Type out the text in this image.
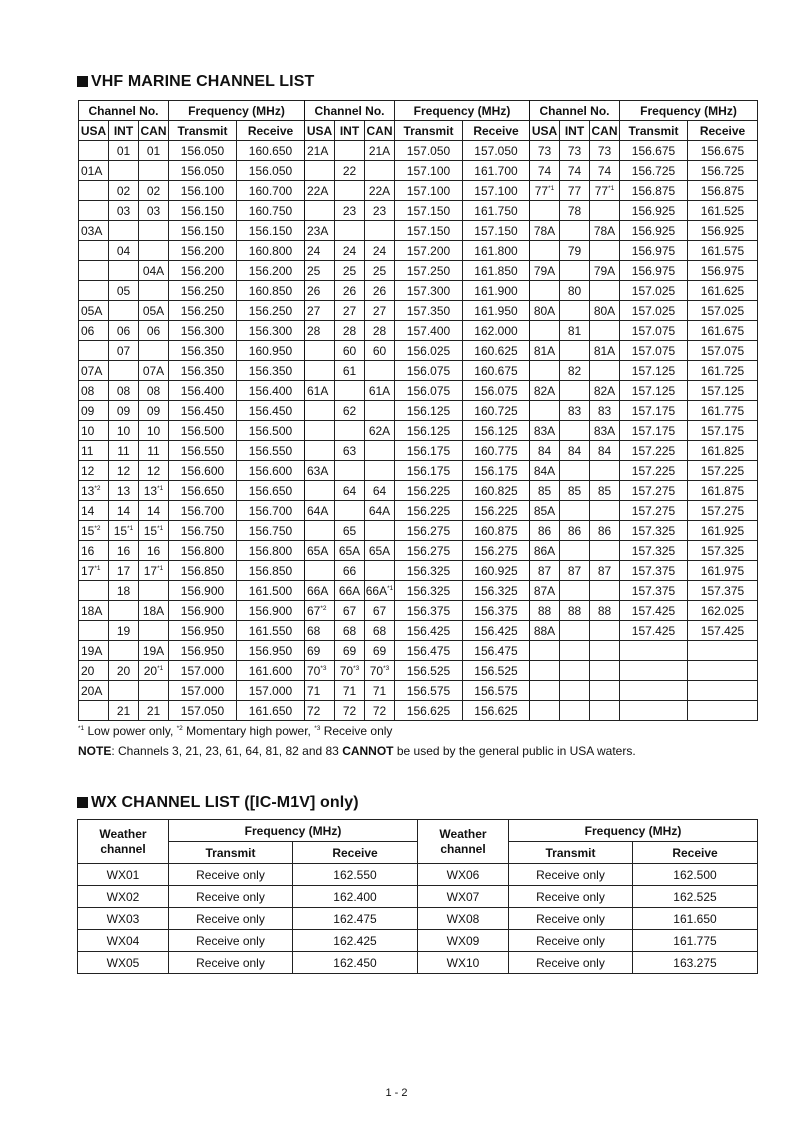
VHF MARINE CHANNEL LIST
Channel No.			Frequency (MHz)		Channel No.			Frequency (MHz)		Channel No.			Frequency (MHz)	
USA	INT	CAN	Transmit	Receive	USA	INT	CAN	Transmit	Receive	USA	INT	CAN	Transmit	Receive
	01	01	156.050	160.650	21A		21A	157.050	157.050	73	73	73	156.675	156.675
01A			156.050	156.050		22		157.100	161.700	74	74	74	156.725	156.725
	02	02	156.100	160.700	22A		22A	157.100	157.100	77$^{*1}$	77	77$^{*1}$	156.875	156.875
	03	03	156.150	160.750		23	23	157.150	161.750		78		156.925	161.525
03A			156.150	156.150	23A			157.150	157.150	78A		78A	156.925	156.925
	04		156.200	160.800	24	24	24	157.200	161.800		79		156.975	161.575
		04A	156.200	156.200	25	25	25	157.250	161.850	79A		79A	156.975	156.975
	05		156.250	160.850	26	26	26	157.300	161.900		80		157.025	161.625
05A		05A	156.250	156.250	27	27	27	157.350	161.950	80A		80A	157.025	157.025
06	06	06	156.300	156.300	28	28	28	157.400	162.000		81		157.075	161.675
	07		156.350	160.950		60	60	156.025	160.625	81A		81A	157.075	157.075
07A		07A	156.350	156.350		61		156.075	160.675		82		157.125	161.725
08	08	08	156.400	156.400	61A		61A	156.075	156.075	82A		82A	157.125	157.125
09	09	09	156.450	156.450		62		156.125	160.725		83	83	157.175	161.775
10	10	10	156.500	156.500			62A	156.125	156.125	83A		83A	157.175	157.175
11	11	11	156.550	156.550		63		156.175	160.775	84	84	84	157.225	161.825
12	12	12	156.600	156.600	63A			156.175	156.175	84A			157.225	157.225
13$^{*2}$	13	13$^{*1}$	156.650	156.650		64	64	156.225	160.825	85	85	85	157.275	161.875
14	14	14	156.700	156.700	64A		64A	156.225	156.225	85A			157.275	157.275
15$^{*2}$	15$^{*1}$	15$^{*1}$	156.750	156.750		65		156.275	160.875	86	86	86	157.325	161.925
16	16	16	156.800	156.800	65A	65A	65A	156.275	156.275	86A			157.325	157.325
17$^{*1}$	17	17$^{*1}$	156.850	156.850		66		156.325	160.925	87	87	87	157.375	161.975
	18		156.900	161.500	66A	66A	$66A^{*1}$	156.325	156.325	87A			157.375	157.375
18A		18A	156.900	156.900	67$^{*2}$	67	67	156.375	156.375	88	88	88	157.425	162.025
	19		156.950	161.550	68	68	68	156.425	156.425	88A			157.425	157.425
19A		19A	156.950	156.950	69	69	69	156.475	156.475					
20	20	20$^{*1}$	157.000	161.600	70$^{*3}$	70$^{*3}$	70$^{*3}$	156.525	156.525					
20A			157.000	157.000	71	71	71	156.575	156.575					
	21	21	157.050	161.650	72	72	72	156.625	156.625					
$^{*1}$ Low power only, $^{*2}$ Momentary high power, $^{*3}$ Receive only
NOTE: Channels 3, 21, 23, 61, 64, 81, 82 and 83 CANNOT be used by the general public in USA waters.
WX CHANNEL LIST ([IC-M1V] only)
Weather channel	Frequency (MHz)		Weather channel	Frequency (MHz)	
	Transmit	Receive		Transmit	Receive
WX01	Receive only	162.550	WX06	Receive only	162.500
WX02	Receive only	162.400	WX07	Receive only	162.525
WX03	Receive only	162.475	WX08	Receive only	161.650
WX04	Receive only	162.425	WX09	Receive only	161.775
WX05	Receive only	162.450	WX10	Receive only	163.275
1 - 2
